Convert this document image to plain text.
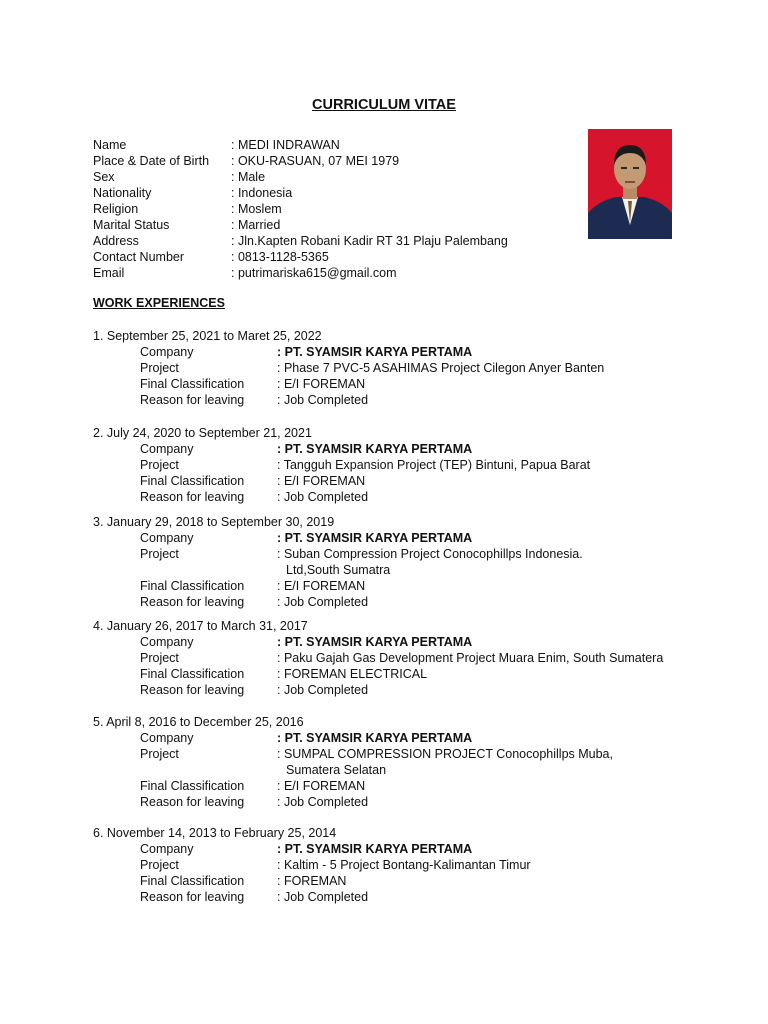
CURRICULUM VITAE
Name	: MEDI INDRAWAN
Place & Date of Birth : OKU-RASUAN, 07 MEI 1979
Sex	: Male
Nationality	: Indonesia
Religion	: Moslem
Marital Status	: Married
Address	: Jln.Kapten Robani Kadir RT 31 Plaju Palembang
Contact Number	: 0813-1128-5365
Email	: putrimariska615@gmail.com
WORK EXPERIENCES
1. September 25, 2021 to Maret 25, 2022
Company	: PT. SYAMSIR KARYA PERTAMA
Project	: Phase 7 PVC-5 ASAHIMAS Project Cilegon Anyer Banten
Final Classification	: E/I FOREMAN
Reason for leaving	: Job Completed
2. July 24, 2020 to September 21, 2021
Company	: PT. SYAMSIR KARYA PERTAMA
Project	: Tangguh Expansion Project (TEP) Bintuni, Papua Barat
Final Classification	: E/I FOREMAN
Reason for leaving	: Job Completed
3. January 29, 2018 to September 30, 2019
Company	: PT. SYAMSIR KARYA PERTAMA
Project	: Suban Compression Project Conocophillps Indonesia.
Ltd,South Sumatra
Final Classification	: E/I FOREMAN
Reason for leaving	: Job Completed
4. January 26, 2017 to March 31, 2017
Company	: PT. SYAMSIR KARYA PERTAMA
Project	: Paku Gajah Gas Development Project Muara Enim, South Sumatera
Final Classification	: FOREMAN ELECTRICAL
Reason for leaving	: Job Completed
5. April 8, 2016 to December 25, 2016
Company	: PT. SYAMSIR KARYA PERTAMA
Project	: SUMPAL COMPRESSION PROJECT Conocophillps Muba,
Sumatera Selatan
Final Classification	: E/I FOREMAN
Reason for leaving	: Job Completed
6. November 14, 2013 to February 25, 2014
Company	: PT. SYAMSIR KARYA PERTAMA
Project	: Kaltim - 5 Project Bontang-Kalimantan Timur
Final Classification	: FOREMAN
Reason for leaving	: Job Completed
